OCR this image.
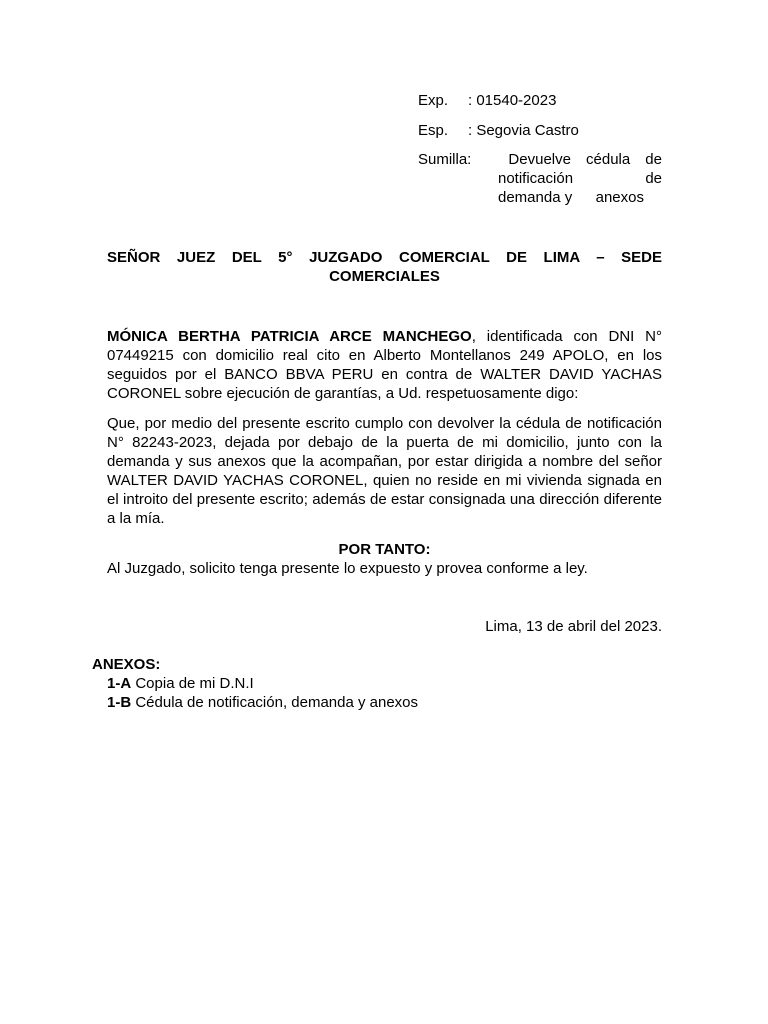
Exp.	: 01540-2023
Esp.	: Segovia Castro
Sumilla: Devuelve cédula de
notificación	de
demanda y anexos
SEÑOR JUEZ DEL 5° JUZGADO COMERCIAL DE LIMA – SEDE
COMERCIALES
MÓNICA BERTHA PATRICIA ARCE MANCHEGO, identificada con DNI N° 07449215 con domicilio real cito en Alberto Montellanos 249 APOLO, en los seguidos por el BANCO BBVA PERU en contra de WALTER DAVID YACHAS CORONEL sobre ejecución de garantías, a Ud. respetuosamente digo:
Que, por medio del presente escrito cumplo con devolver la cédula de notificación N° 82243-2023, dejada por debajo de la puerta de mi domicilio, junto con la demanda y sus anexos que la acompañan, por estar dirigida a nombre del señor WALTER DAVID YACHAS CORONEL, quien no reside en mi vivienda signada en el introito del presente escrito; además de estar consignada una dirección diferente a la mía.
POR TANTO:
Al Juzgado, solicito tenga presente lo expuesto y provea conforme a ley.
Lima, 13 de abril del 2023.
ANEXOS:
1-A Copia de mi D.N.I
1-B Cédula de notificación, demanda y anexos
